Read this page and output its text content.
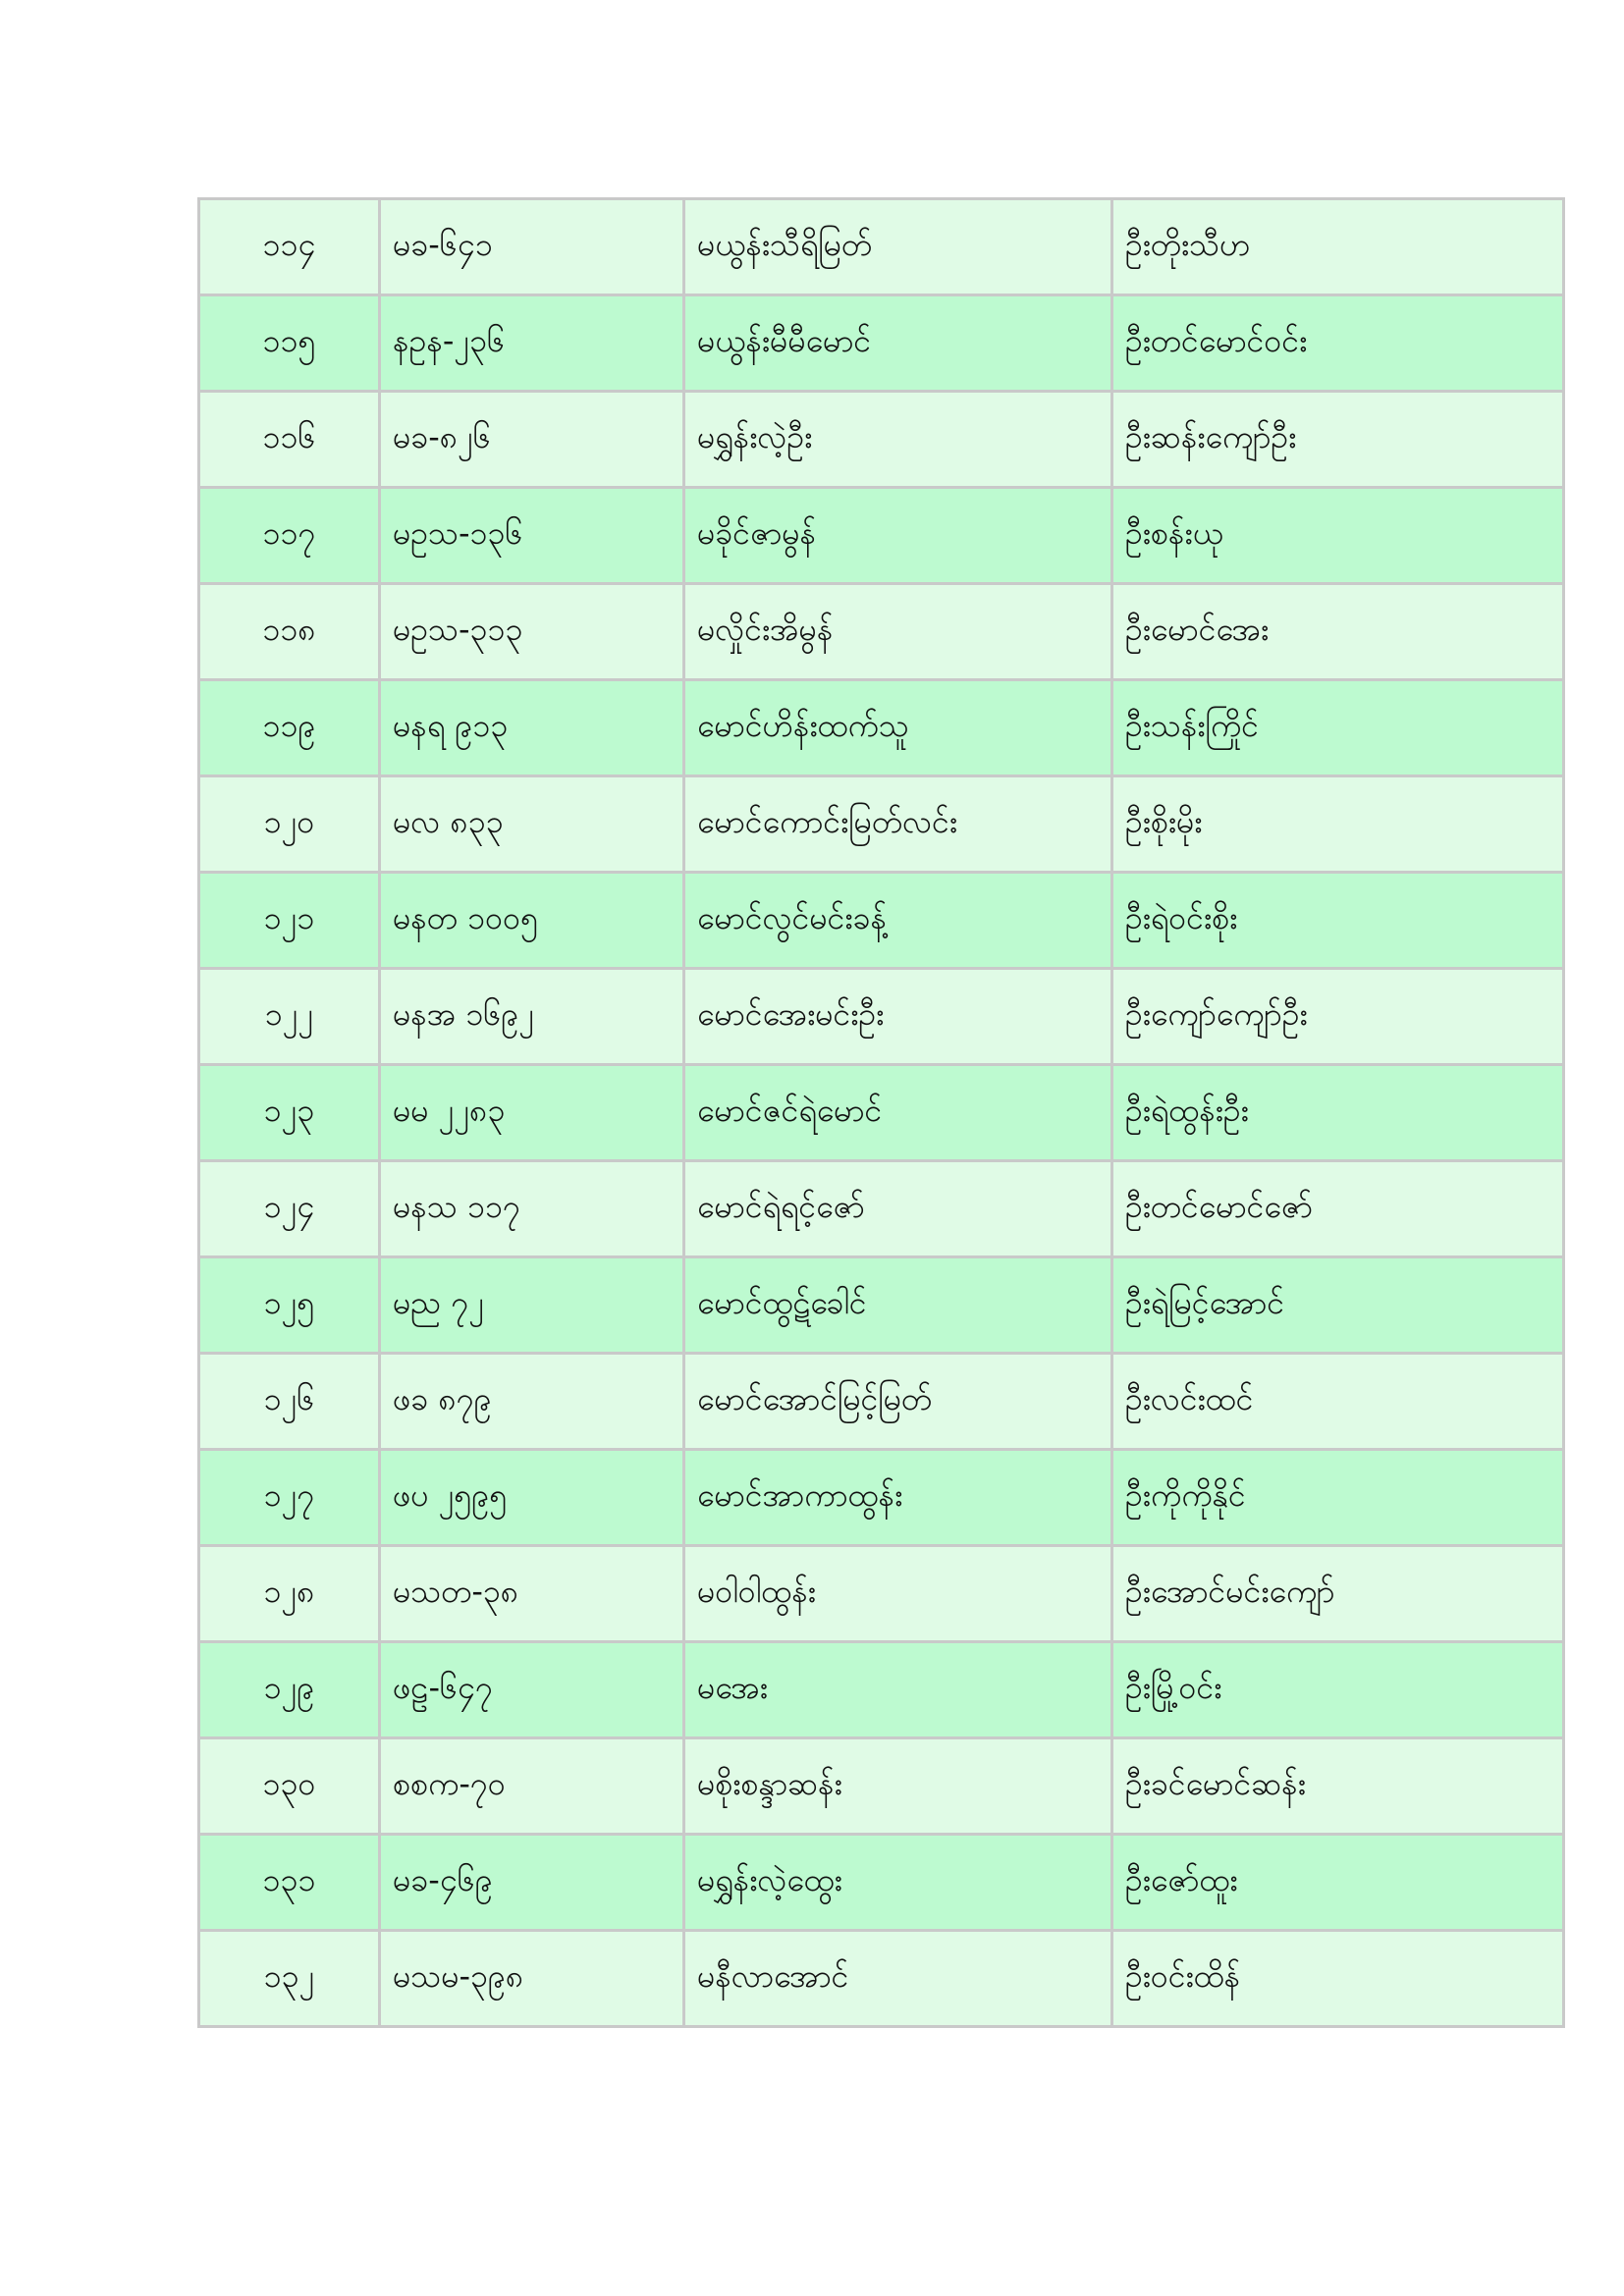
၁၁၄	မခ-၆၄၁	မယွန်းသီရိမြတ်	ဦးတိုးသီဟ
၁၁၅	နဥန-၂၃၆	မယွန်းမီမီမောင်	ဦးတင်မောင်ဝင်း
၁၁၆	မခ-၈၂၆	မရွှန်းလဲ့ဦး	ဦးဆန်းကျော်ဦး
၁၁၇	မဥသ-၁၃၆	မခိုင်ဇာမွန်	ဦးစန်းယု
၁၁၈	မဥသ-၃၁၃	မလှိုင်းအိမွန်	ဦးမောင်အေး
၁၁၉	မနရ ၉၁၃	မောင်ဟိန်းထက်သူ	ဦးသန်းကြိုင်
၁၂၀	မလ ၈၃၃	မောင်ကောင်းမြတ်လင်း	ဦးစိုးမိုး
၁၂၁	မနတ ၁၀၀၅	မောင်လွင်မင်းခန့်	ဦးရဲဝင်းစိုး
၁၂၂	မနအ ၁၆၉၂	မောင်အေးမင်းဦး	ဦးကျော်ကျော်ဦး
၁၂၃	မမ ၂၂၈၃	မောင်ဇင်ရဲမောင်	ဦးရဲထွန်းဦး
၁၂၄	မနသ ၁၁၇	မောင်ရဲရင့်ဇော်	ဦးတင်မောင်ဇော်
၁၂၅	မည ၇၂	မောင်ထွဋ်ခေါင်	ဦးရဲမြင့်အောင်
၁၂၆	ဖခ ၈၇၉	မောင်အောင်မြင့်မြတ်	ဦးလင်းထင်
၁၂၇	ဖပ ၂၅၉၅	မောင်အာကာထွန်း	ဦးကိုကိုနိုင်
၁၂၈	မသတ-၃၈	မဝါဝါထွန်း	ဦးအောင်မင်းကျော်
၁၂၉	ဖဠ-၆၄၇	မအေး	ဦးမြို့ဝင်း
၁၃၀	စစက-၇၀	မစိုးစန္ဒာဆန်း	ဦးခင်မောင်ဆန်း
၁၃၁	မခ-၄၆၉	မရွှန်းလဲ့ထွေး	ဦးဇော်ထူး
၁၃၂	မသမ-၃၉၈	မနီလာအောင်	ဦးဝင်းထိန်
